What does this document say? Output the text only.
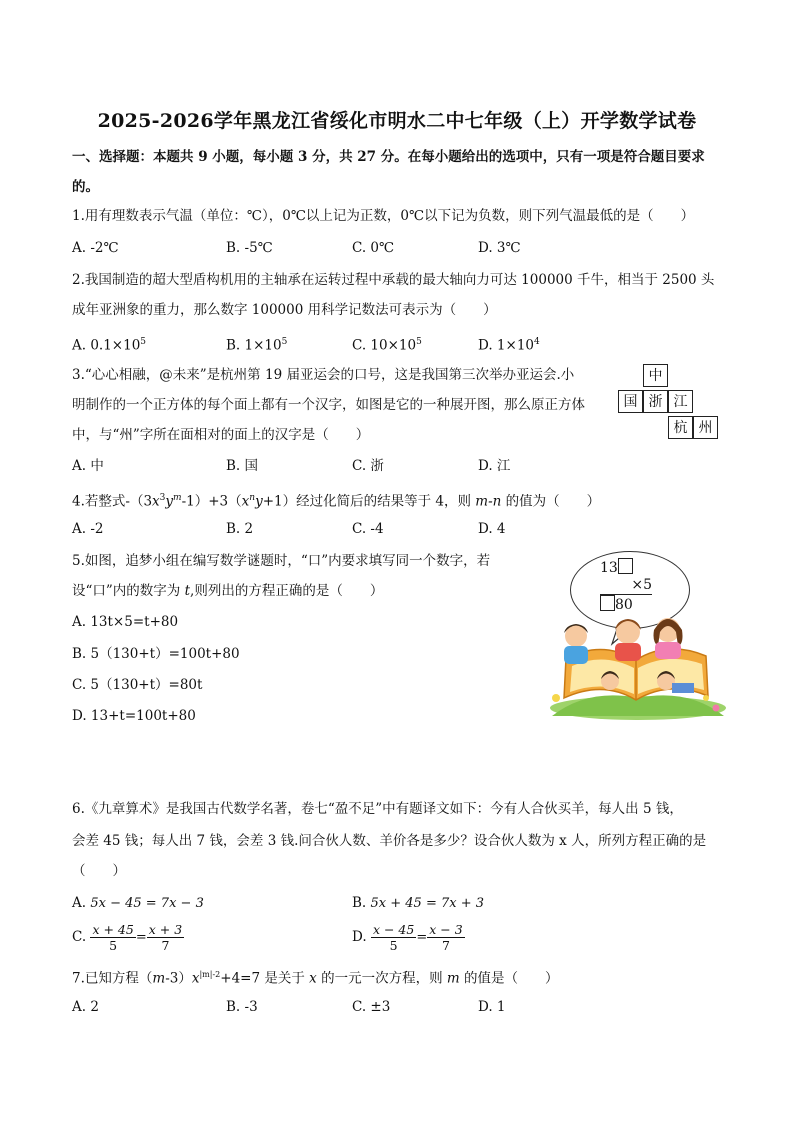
2025-2026学年黑龙江省绥化市明水二中七年级（上）开学数学试卷
一、选择题：本题共 9 小题，每小题 3 分，共 27 分。在每小题给出的选项中，只有一项是符合题目要求
的。
1.用有理数表示气温（单位：℃），0℃以上记为正数，0℃以下记为负数，则下列气温最低的是（　　）
A. -2℃	B. -5℃	C. 0℃	D. 3℃
2.我国制造的超大型盾构机用的主轴承在运转过程中承载的最大轴向力可达 100000 千牛，相当于 2500 头
成年亚洲象的重力，那么数字 100000 用科学记数法可表示为（　　）
A. $0.1\times 10^5$	B. $1\times 10^5$	C. $10\times 10^5$	D. $1\times 10^4$
3.“心心相融，@未来”是杭州第 19 届亚运会的口号，这是我国第三次举办亚运会.小
明制作的一个正方体的每个面上都有一个汉字，如图是它的一种展开图，那么原正方体
中，与“州”字所在面相对的面上的汉字是（　　）
A. 中	B. 国	C. 浙	D. 江
中
国 浙 江
杭 州
4.若整式$-(3x^3y^m-1)+3(x^ny+1)$经过化简后的结果等于 4，则 m-n 的值为（　　）
A. -2	B. 2	C. -4	D. 4
5.如图，追梦小组在编写数学谜题时，“口”内要求填写同一个数字，若
设“口”内的数字为 t,则列出的方程正确的是（　　）
A. 13t×5=t+80
B. 5（130+t）=100t+80
C. 5（130+t）=80t
D. 13+t=100t+80
13
×5
80
6.《九章算术》是我国古代数学名著，卷七“盈不足”中有题译文如下：今有人合伙买羊，每人出 5 钱，
会差 45 钱；每人出 7 钱，会差 3 钱.问合伙人数、羊价各是多少？设合伙人数为 x 人，所列方程正确的是
（　　）
A. 5x − 45 = 7x − 3	B. 5x + 45 = 7x + 3
C. $\frac{x + 45}{5} = \frac{x + 3}{7}$	D. $\frac{x - 45}{5} = \frac{x - 3}{7}$
7.已知方程$(m-3)x^{|m|-2}+4=7$ 是关于 x 的一元一次方程，则 m 的值是（　　）
A. 2	B. -3	C. ±3	D. 1
